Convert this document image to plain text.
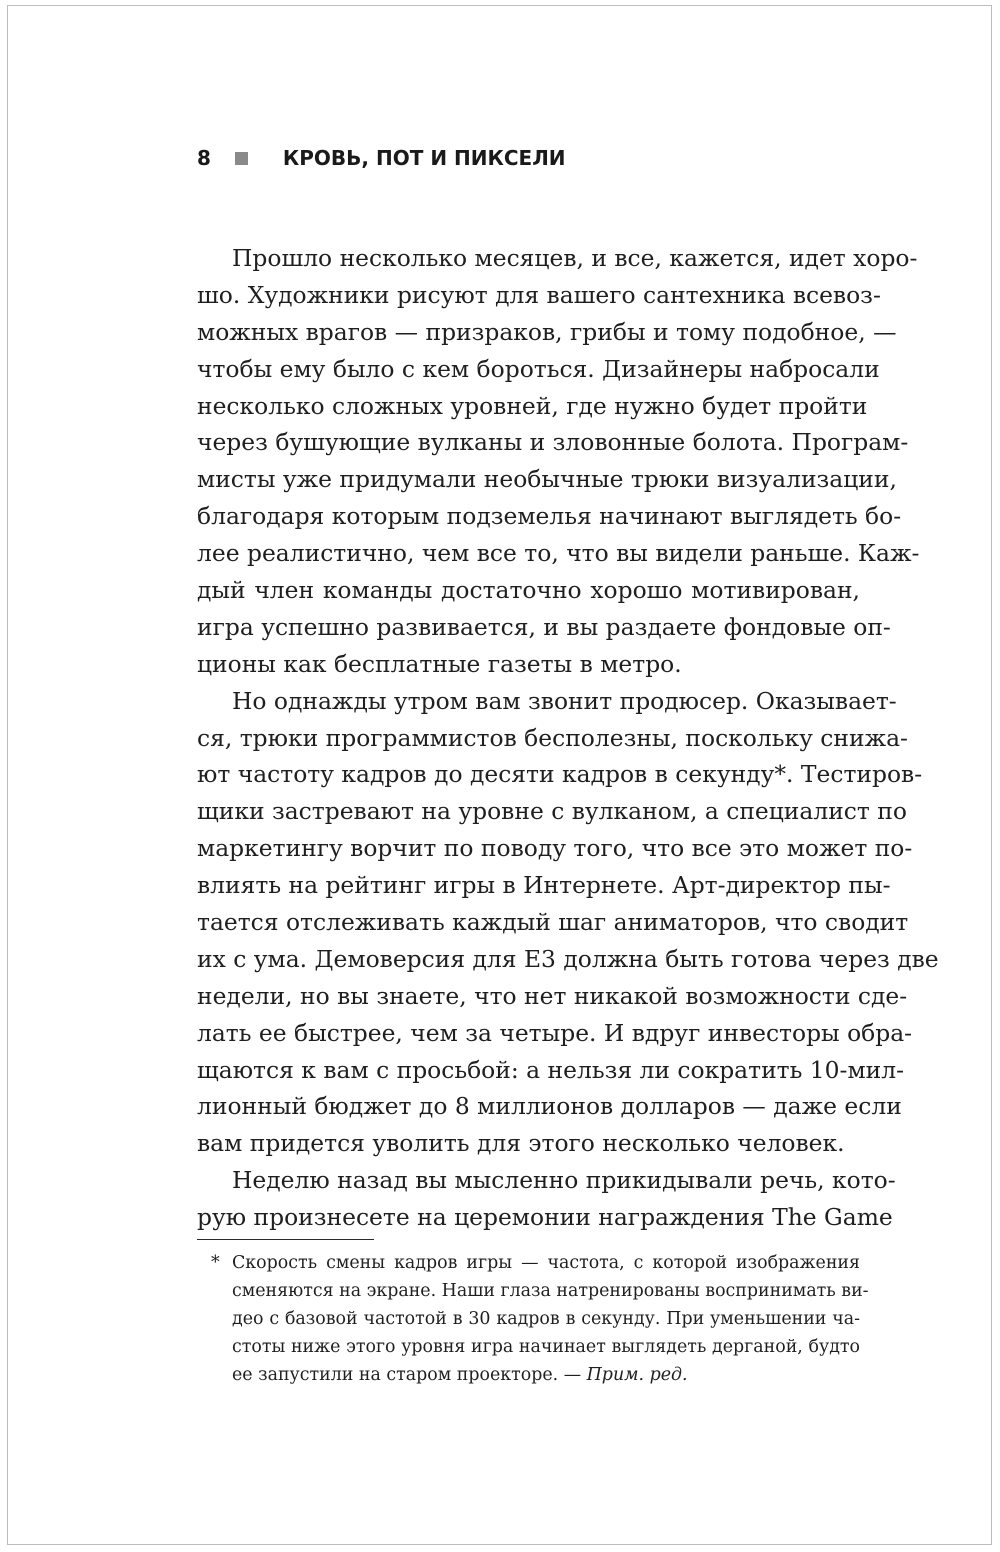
8	КРОВЬ, ПОТ И ПИКСЕЛИ
Прошло несколько месяцев, и все, кажется, идет хоро-
шо. Художники рисуют для вашего сантехника всевоз-
можных врагов — призраков, грибы и тому подобное, —
чтобы ему было с кем бороться. Дизайнеры набросали
несколько сложных уровней, где нужно будет пройти
через бушующие вулканы и зловонные болота. Програм-
мисты уже придумали необычные трюки визуализации,
благодаря которым подземелья начинают выглядеть бо-
лее реалистично, чем все то, что вы видели раньше. Каж-
дый член команды достаточно хорошо мотивирован,
игра успешно развивается, и вы раздаете фондовые оп-
ционы как бесплатные газеты в метро.
Но однажды утром вам звонит продюсер. Оказывает-
ся, трюки программистов бесполезны, поскольку снижа-
ют частоту кадров до десяти кадров в секунду*. Тестиров-
щики застревают на уровне с вулканом, а специалист по
маркетингу ворчит по поводу того, что все это может по-
влиять на рейтинг игры в Интернете. Арт-директор пы-
тается отслеживать каждый шаг аниматоров, что сводит
их с ума. Демоверсия для E3 должна быть готова через две
недели, но вы знаете, что нет никакой возможности сде-
лать ее быстрее, чем за четыре. И вдруг инвесторы обра-
щаются к вам с просьбой: а нельзя ли сократить 10-мил-
лионный бюджет до 8 миллионов долларов — даже если
вам придется уволить для этого несколько человек.
Неделю назад вы мысленно прикидывали речь, кото-
рую произнесете на церемонии награждения The Game
* Скорость смены кадров игры — частота, с которой изображения
сменяются на экране. Наши глаза натренированы воспринимать ви-
део с базовой частотой в 30 кадров в секунду. При уменьшении ча-
стоты ниже этого уровня игра начинает выглядеть дерганой, будто
ее запустили на старом проекторе. — Прим. ред.
